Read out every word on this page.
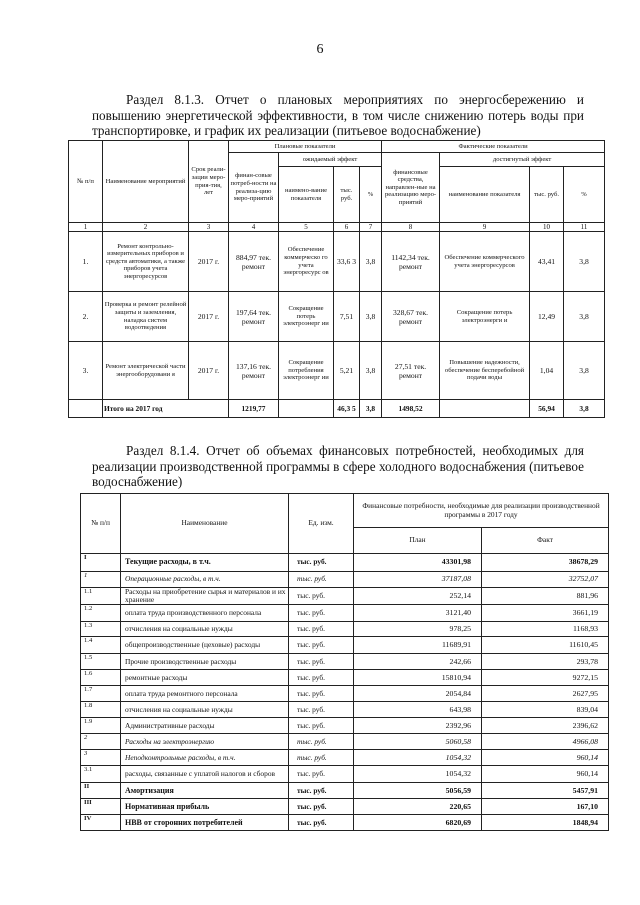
6
Раздел 8.1.3. Отчет о плановых мероприятиях по энергосбережению и повышению энергетической эффективности, в том числе снижению потерь воды при транспортировке, и график их реализации (питьевое водоснабжение)
№ п/п	Наименование мероприятий	Срок реали-зации меро-прия-тия, лет	Плановые показатели				Фактические показатели			
			финан-совые потреб-ности на реализа-цию меро-приятий	ожидаемый эффект			финансовые средства, направлен-ные на реализацию меро-приятий	достигнутый эффект		
				наимено-вание показателя	тыс. руб.	%		наименование показателя	тыс. руб.	%
1	2	3	4	5	6	7	8	9	10	11
1.	Ремонт контрольно-измерительных приборов и средств автоматики, а также приборов учета энергоресурсов	2017 г.	884,97 тек. ремонт	Обеспечение коммерческо го учета энергоресурс ов	33,6 3	3,8	1142,34 тек. ремонт	Обеспечение коммерческого учета энергоресурсов	43,41	3,8
2.	Проверка и ремонт релейной защиты и заземления, наладка систем водоотведения	2017 г.	197,64 тек. ремонт	Сокращение потерь электроэнерг ии	7,51	3,8	328,67 тек. ремонт	Сокращение потерь электроэнерги и	12,49	3,8
3.	Ремонт электрической части энергооборудовани я	2017 г.	137,16 тек. ремонт	Сокращение потребления электроэнерг ии	5,21	3,8	27,51 тек. ремонт	Повышение надежности, обеспечение бесперебойной подачи воды	1,04	3,8
	Итого на 2017 год		1219,77		46,3 5	3,8	1498,52		56,94	3,8
Раздел 8.1.4. Отчет об объемах финансовых потребностей, необходимых для реализации производственной программы в сфере холодного водоснабжения (питьевое водоснабжение)
№ п/п	Наименование	Ед. изм.	Финансовые потребности, необходимые для реализации производственной программы в 2017 году	
			План	Факт
I	Текущие расходы, в т.ч.	тыс. руб.	43301,98	38678,29
1	Операционные расходы, в т.ч.	тыс. руб.	37187,08	32752,07
1.1	Расходы на приобретение сырья и материалов и их хранение	тыс. руб.	252,14	881,96
1.2	оплата труда производственного персонала	тыс. руб.	3121,40	3661,19
1.3	отчисления на социальные нужды	тыс. руб.	978,25	1168,93
1.4	общепроизводственные (цеховые) расходы	тыс. руб.	11689,91	11610,45
1.5	Прочие производственные расходы	тыс. руб.	242,66	293,78
1.6	ремонтные расходы	тыс. руб.	15810,94	9272,15
1.7	оплата труда ремонтного персонала	тыс. руб.	2054,84	2627,95
1.8	отчисления на социальные нужды	тыс. руб.	643,98	839,04
1.9	Административные расходы	тыс. руб.	2392,96	2396,62
2	Расходы на электроэнергию	тыс. руб.	5060,58	4966,08
3	Неподконтрольные расходы, в т.ч.	тыс. руб.	1054,32	960,14
3.1	расходы, связанные с уплатой налогов и сборов	тыс. руб.	1054,32	960,14
II	Амортизация	тыс. руб.	5056,59	5457,91
III	Нормативная прибыль	тыс. руб.	220,65	167,10
IV	НВВ от сторонних потребителей	тыс. руб.	6820,69	1848,94
